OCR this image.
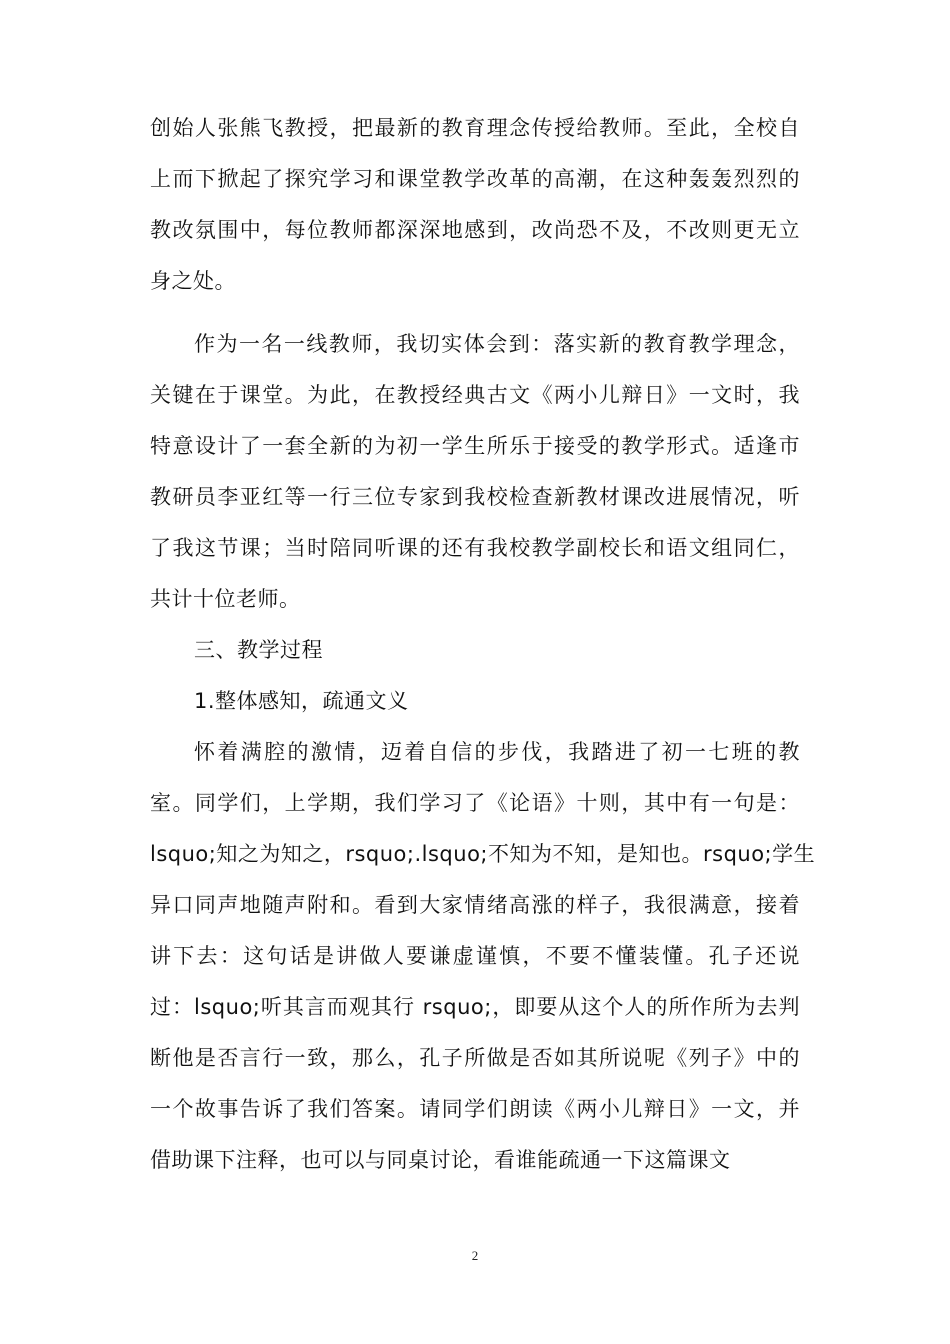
创始人张熊飞教授，把最新的教育理念传授给教师。至此，全校自
上而下掀起了探究学习和课堂教学改革的高潮，在这种轰轰烈烈的
教改氛围中，每位教师都深深地感到，改尚恐不及，不改则更无立
身之处。
作为一名一线教师，我切实体会到：落实新的教育教学理念，
关键在于课堂。为此，在教授经典古文《两小儿辩日》一文时，我
特意设计了一套全新的为初一学生所乐于接受的教学形式。适逢市
教研员李亚红等一行三位专家到我校检查新教材课改进展情况，听
了我这节课；当时陪同听课的还有我校教学副校长和语文组同仁，
共计十位老师。
三、教学过程
1.整体感知，疏通文义
怀着满腔的激情，迈着自信的步伐，我踏进了初一七班的教
室。同学们，上学期，我们学习了《论语》十则，其中有一句是：
lsquo;知之为知之，rsquo;.lsquo;不知为不知，是知也。rsquo;学生
异口同声地随声附和。看到大家情绪高涨的样子，我很满意，接着
讲下去：这句话是讲做人要谦虚谨慎，不要不懂装懂。孔子还说
过：lsquo;听其言而观其行 rsquo;，即要从这个人的所作所为去判
断他是否言行一致，那么，孔子所做是否如其所说呢《列子》中的
一个故事告诉了我们答案。请同学们朗读《两小儿辩日》一文，并
借助课下注释，也可以与同桌讨论，看谁能疏通一下这篇课文
2
